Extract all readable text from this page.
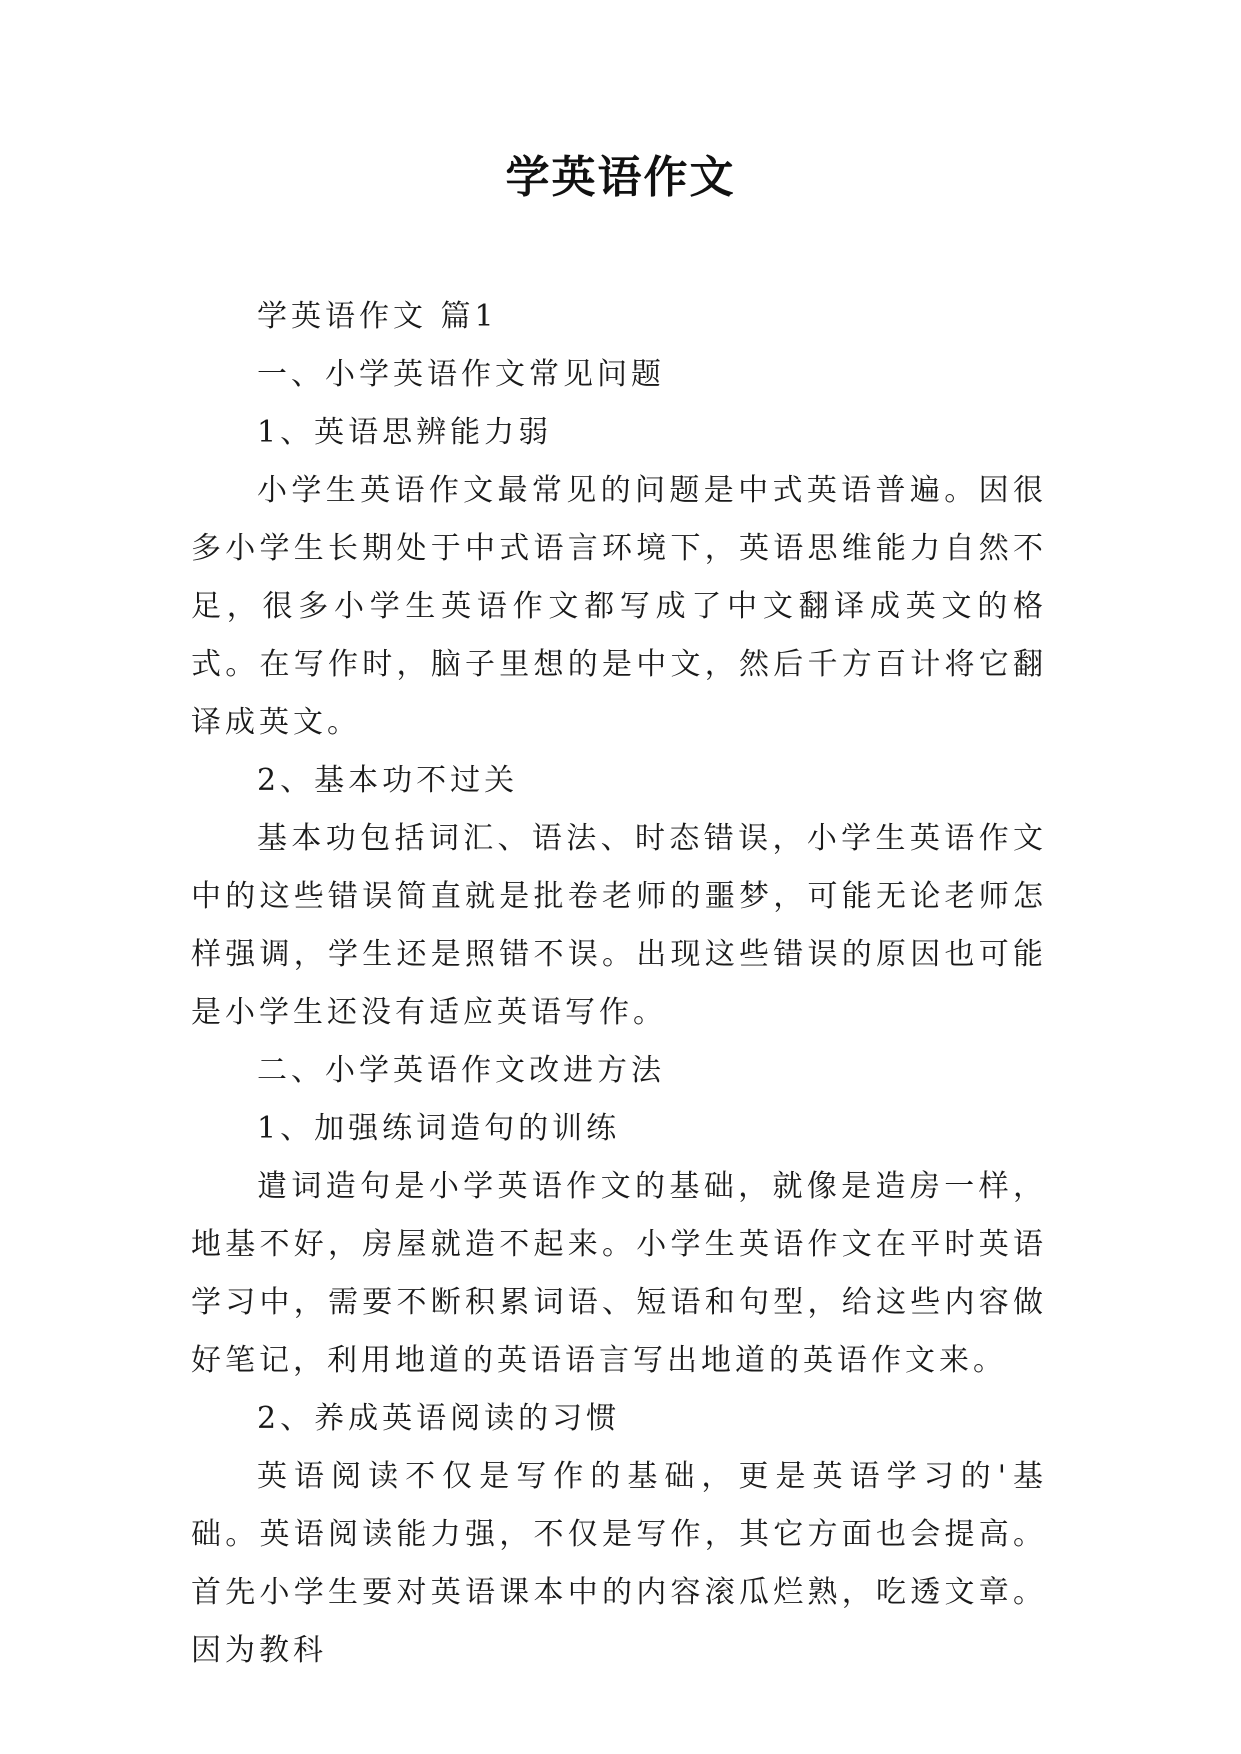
学英语作文

学英语作文 篇1

一、小学英语作文常见问题

1、英语思辨能力弱

小学生英语作文最常见的问题是中式英语普遍。因很多小学生长期处于中式语言环境下，英语思维能力自然不足，很多小学生英语作文都写成了中文翻译成英文的格式。在写作时，脑子里想的是中文，然后千方百计将它翻译成英文。

2、基本功不过关

基本功包括词汇、语法、时态错误，小学生英语作文中的这些错误简直就是批卷老师的噩梦，可能无论老师怎样强调，学生还是照错不误。出现这些错误的原因也可能是小学生还没有适应英语写作。

二、小学英语作文改进方法

1、加强练词造句的训练

遣词造句是小学英语作文的基础，就像是造房一样，地基不好，房屋就造不起来。小学生英语作文在平时英语学习中，需要不断积累词语、短语和句型，给这些内容做好笔记，利用地道的英语语言写出地道的英语作文来。

2、养成英语阅读的习惯

英语阅读不仅是写作的基础，更是英语学习的'基础。英语阅读能力强，不仅是写作，其它方面也会提高。首先小学生要对英语课本中的内容滚瓜烂熟，吃透文章。因为教科
